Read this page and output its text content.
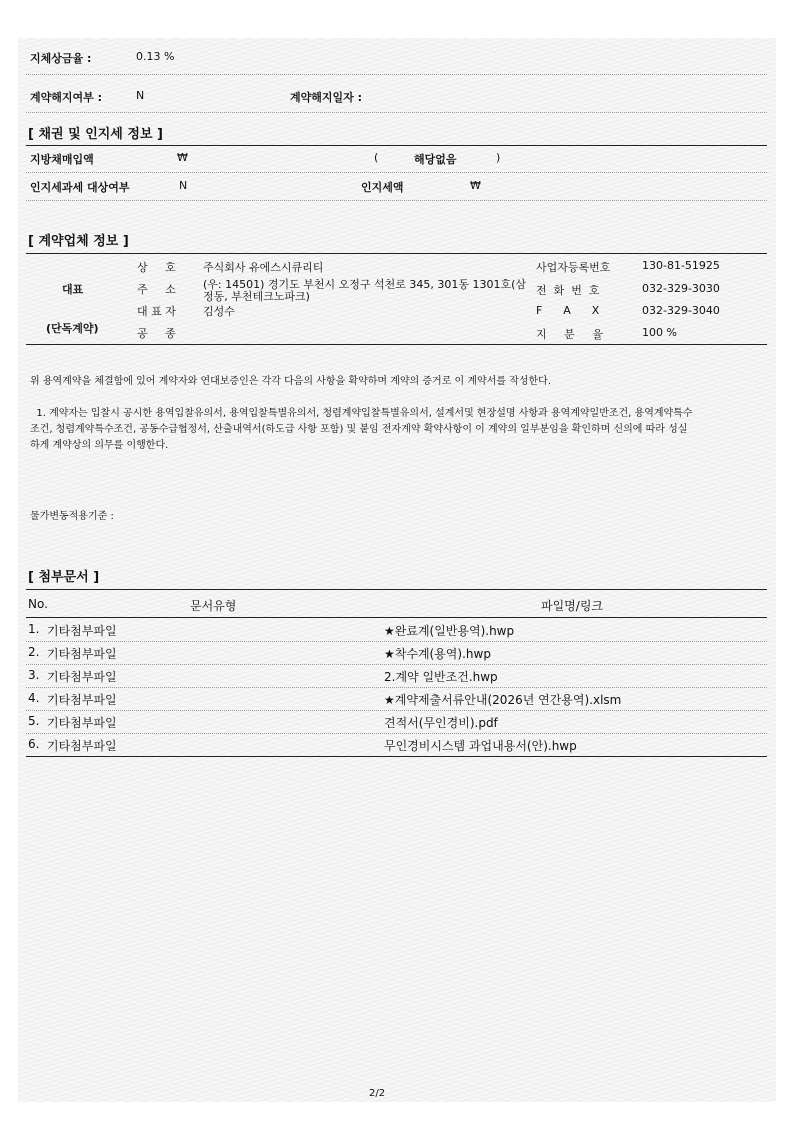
지체상금율 :	0.13 %
계약해지여부 :	N	계약해지일자 :
[ 채권 및 인지세 정보 ]
지방채매입액	₩	(	해당없음	)
인지세과세 대상여부	N	인지세액	₩
[ 계약업체 정보 ]
대표
(단독계약)
상     호 주식회사 유에스시큐리티	사업자등록번호	130-81-51925
주     소 (우: 14501) 경기도 부천시 오정구 석천로 345, 301동 1301호(삼
정동, 부천테크노파크)	전  화  번  호	032-329-3030
대 표 자 김성수	F      A      X	032-329-3040
공     종	지     분     율	100 %
위 용역계약을 체결함에 있어 계약자와 연대보증인은 각각 다음의 사항을 확약하며 계약의 증거로 이 계약서를 작성한다.
1. 계약자는 입찰시 공시한 용역입찰유의서, 용역입찰특별유의서, 청렴계약입찰특별유의서, 설계서및 현장설명 사항과 용역계약일반조건, 용역계약특수
조건, 청렴계약특수조건, 공동수급협정서, 산출내역서(하도급 사항 포함) 및 붙임 전자계약 확약사항이 이 계약의 일부분임을 확인하며 신의에 따라 성실
하게 계약상의 의무를 이행한다.
물가변동적용기준 :
[ 첨부문서 ]
No.	문서유형	파일명/링크
1. 기타첨부파일	★완료계(일반용역).hwp
2. 기타첨부파일	★착수계(용역).hwp
3. 기타첨부파일	2.계약 일반조건.hwp
4. 기타첨부파일	★계약제출서류안내(2026년 연간용역).xlsm
5. 기타첨부파일	견적서(무인경비).pdf
6. 기타첨부파일	무인경비시스템 과업내용서(안).hwp
2/2
